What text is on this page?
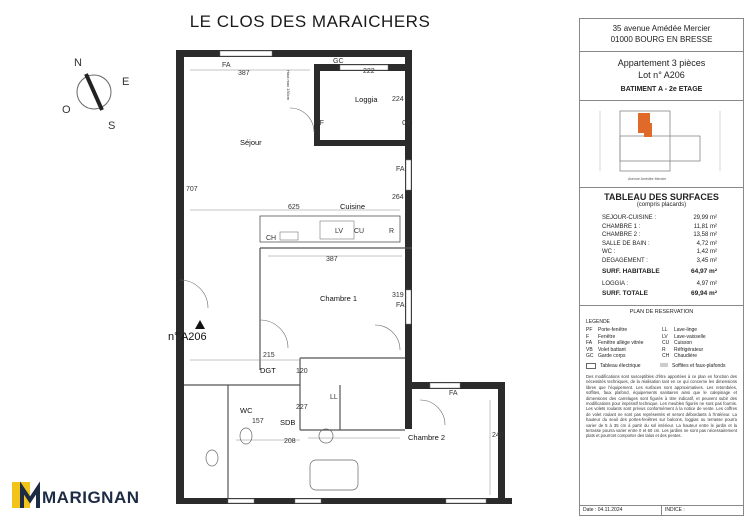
LE CLOS DES MARAICHERS
N
E
S
O
Séjour
Cuisine
Loggia
Chambre 1
Chambre 2
DGT
SDB
WC
387	222
224
707
625
264
387
319
215
120
227
157
208
240
FA
GC
GC
PF
FA
FA
FA
CH
LV CU	R
LL
Haut max 150cm
n° A206
MARIGNAN
35 avenue Amédée Mercier
01000 BOURG EN BRESSE
Appartement 3 pièces
Lot n° A206
BATIMENT A - 2e ETAGE
Avenue Amédée Mercier
TABLEAU DES SURFACES
(compris placards)
SEJOUR-CUISINE :	29,99 m²
CHAMBRE 1 :	11,81 m²
CHAMBRE 2 :	13,58 m²
SALLE DE BAIN :	4,72 m²
WC :	1,42 m²
DEGAGEMENT :	3,45 m²
SURF. HABITABLE	64,97 m²
LOGGIA :	4,97 m²
SURF. TOTALE	69,94 m²
PLAN DE RESERVATION
LEGENDE
PF	Porte-fenêtre	LL	Lave-linge
F	Fenêtre	LV	Lave-vaisselle
FA	Fenêtre allège vitrée	CU Cuisson
VB	Volet battant	R	Réfrigérateur
GC Garde corps	CH Chaudière
Tableau électrique	Soffites et faux-plafonds
Des modifications sont susceptibles d'être apportées à ce plan en fonction des nécessités techniques, de la réalisation tant en ce qui concerne les dimensions libres que l'équipement. Les surfaces sont approximatives. Les retombées, soffites, faux plafond, équipements sanitaires ainsi que le calepinage et dimensions des carrelages sont figurés à titre indicatif, et peuvent subir des modifications pour impératif technique. Les meubles figurés ne sont pas fournis. Les volets roulants sont prévus conformément à la notice de vente. Les coffres de volet roulant ne sont pas représentés et seront débordants à l'intérieur. La hauteur du seuil des portes-fenêtres sur balcons, loggias ou terrasse pourra varier de 5 à 35 cm à partir du sol intérieur. La hauteur entre le jardin et la terrasse pourra varier entre 0 et 60 cm. Les jardins ne sont pas nécessairement plats et pourront comporter des talus et des pentes.
Date : 04.11.2024	INDICE :
